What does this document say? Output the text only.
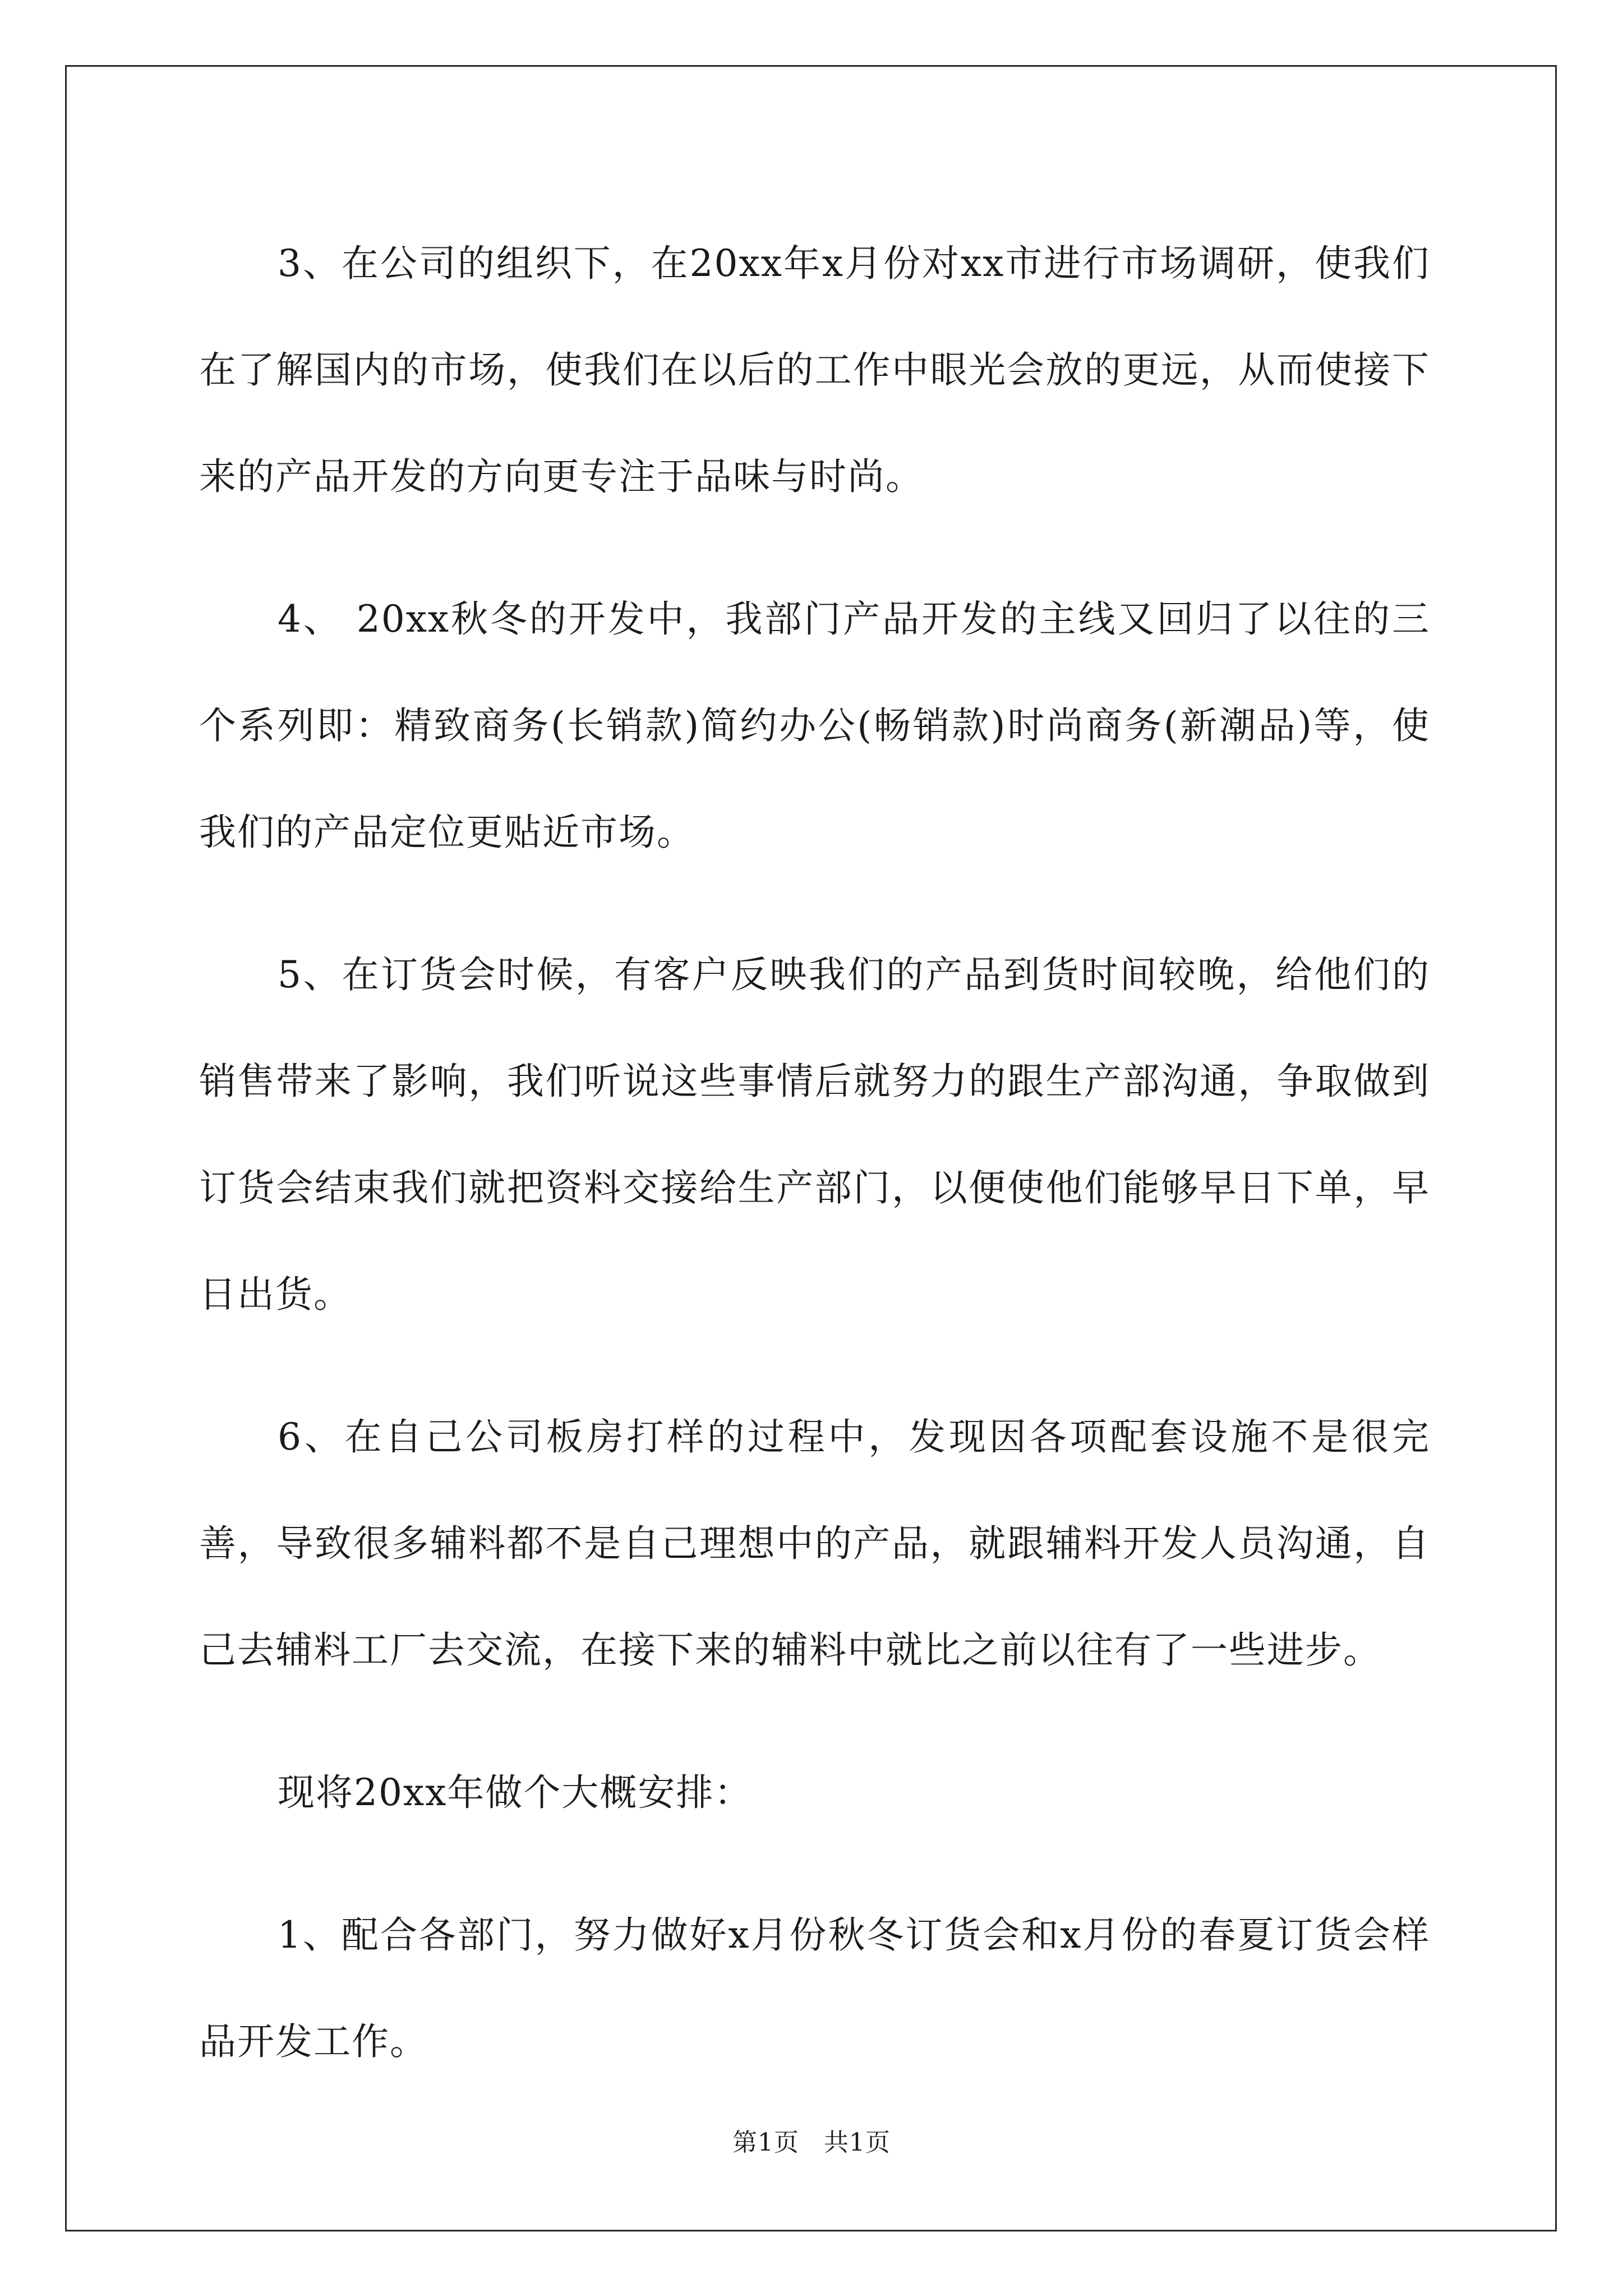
3、在公司的组织下，在20xx年x月份对xx市进行市场调研，使我们在了解国内的市场，使我们在以后的工作中眼光会放的更远，从而使接下来的产品开发的方向更专注于品味与时尚。

4、 20xx秋冬的开发中，我部门产品开发的主线又回归了以往的三个系列即：精致商务(长销款)简约办公(畅销款)时尚商务(新潮品)等，使我们的产品定位更贴近市场。

5、在订货会时候，有客户反映我们的产品到货时间较晚，给他们的销售带来了影响，我们听说这些事情后就努力的跟生产部沟通，争取做到订货会结束我们就把资料交接给生产部门，以便使他们能够早日下单，早日出货。

6、在自己公司板房打样的过程中，发现因各项配套设施不是很完善，导致很多辅料都不是自己理想中的产品，就跟辅料开发人员沟通，自己去辅料工厂去交流，在接下来的辅料中就比之前以往有了一些进步。

现将20xx年做个大概安排：

1、配合各部门，努力做好x月份秋冬订货会和x月份的春夏订货会样品开发工作。

第1页 共1页
